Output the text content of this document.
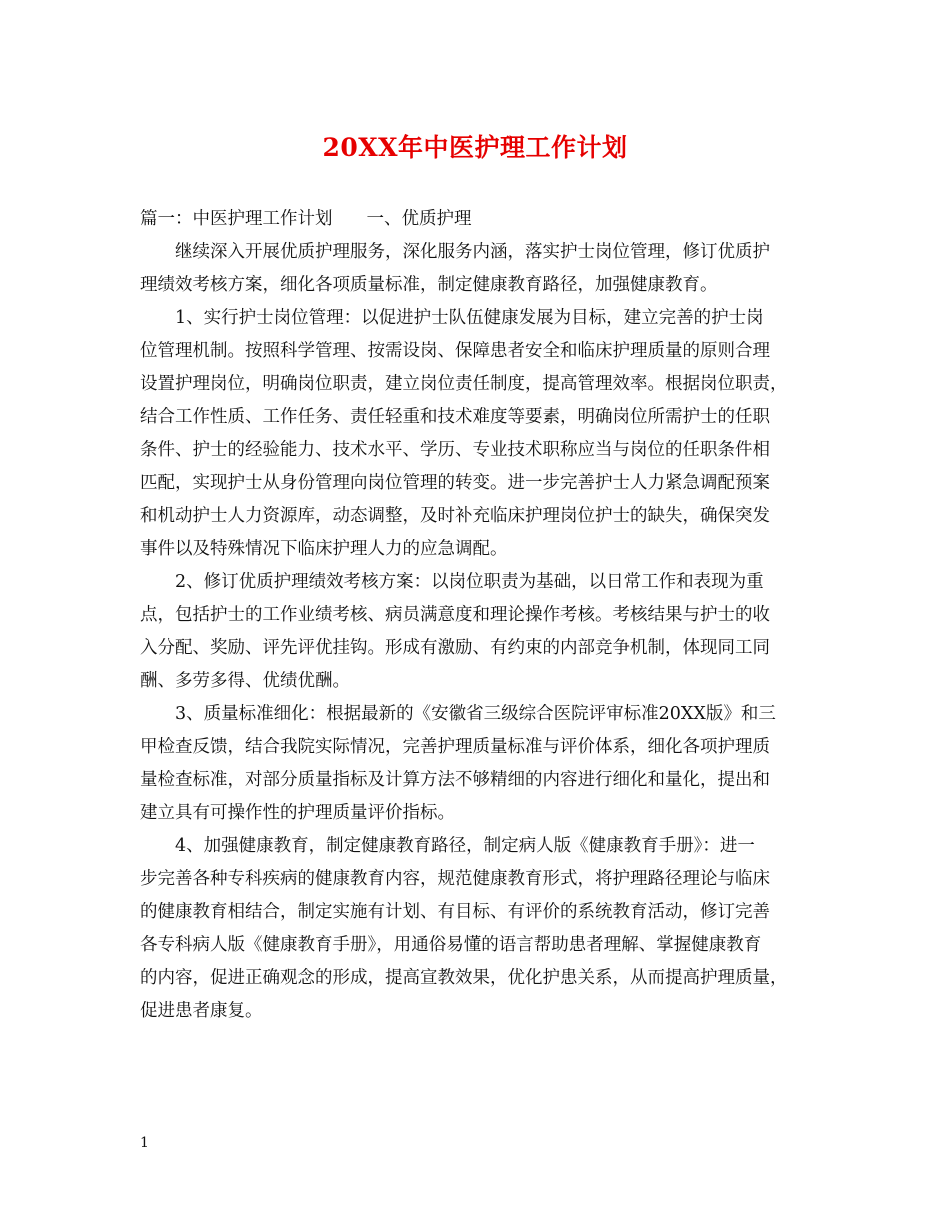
20XX年中医护理工作计划
篇一：中医护理工作计划 一、优质护理
继续深入开展优质护理服务，深化服务内涵，落实护士岗位管理，修订优质护
理绩效考核方案，细化各项质量标准，制定健康教育路径，加强健康教育。
1、实行护士岗位管理：以促进护士队伍健康发展为目标，建立完善的护士岗
位管理机制。按照科学管理、按需设岗、保障患者安全和临床护理质量的原则合理
设置护理岗位，明确岗位职责，建立岗位责任制度，提高管理效率。根据岗位职责，
结合工作性质、工作任务、责任轻重和技术难度等要素，明确岗位所需护士的任职
条件、护士的经验能力、技术水平、学历、专业技术职称应当与岗位的任职条件相
匹配，实现护士从身份管理向岗位管理的转变。进一步完善护士人力紧急调配预案
和机动护士人力资源库，动态调整，及时补充临床护理岗位护士的缺失，确保突发
事件以及特殊情况下临床护理人力的应急调配。
2、修订优质护理绩效考核方案：以岗位职责为基础，以日常工作和表现为重
点，包括护士的工作业绩考核、病员满意度和理论操作考核。考核结果与护士的收
入分配、奖励、评先评优挂钩。形成有激励、有约束的内部竞争机制，体现同工同
酬、多劳多得、优绩优酬。
3、质量标准细化：根据最新的《安徽省三级综合医院评审标准20XX版》和三
甲检查反馈，结合我院实际情况，完善护理质量标准与评价体系，细化各项护理质
量检查标准，对部分质量指标及计算方法不够精细的内容进行细化和量化，提出和
建立具有可操作性的护理质量评价指标。
4、加强健康教育，制定健康教育路径，制定病人版《健康教育手册》：进一
步完善各种专科疾病的健康教育内容，规范健康教育形式，将护理路径理论与临床
的健康教育相结合，制定实施有计划、有目标、有评价的系统教育活动，修订完善
各专科病人版《健康教育手册》，用通俗易懂的语言帮助患者理解、掌握健康教育
的内容，促进正确观念的形成，提高宣教效果，优化护患关系，从而提高护理质量，
促进患者康复。
1
